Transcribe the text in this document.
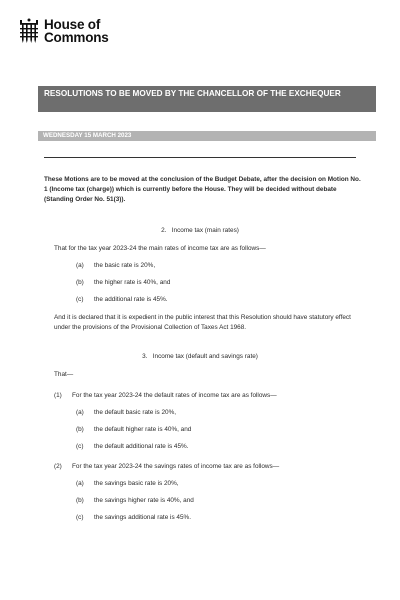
House of
Commons
RESOLUTIONS TO BE MOVED BY THE CHANCELLOR OF THE EXCHEQUER
WEDNESDAY 15 MARCH 2023
These Motions are to be moved at the conclusion of the Budget Debate, after the decision on Motion No. 1 (Income tax (charge)) which is currently before the House. They will be decided without debate (Standing Order No. 51(3)).
2.   Income tax (main rates)
That for the tax year 2023-24 the main rates of income tax are as follows—
(a) the basic rate is 20%,
(b) the higher rate is 40%, and
(c) the additional rate is 45%.
And it is declared that it is expedient in the public interest that this Resolution should have statutory effect under the provisions of the Provisional Collection of Taxes Act 1968.
3.   Income tax (default and savings rate)
That—
(1) For the tax year 2023-24 the default rates of income tax are as follows—
(a) the default basic rate is 20%,
(b) the default higher rate is 40%, and
(c) the default additional rate is 45%.
(2) For the tax year 2023-24 the savings rates of income tax are as follows—
(a) the savings basic rate is 20%,
(b) the savings higher rate is 40%, and
(c) the savings additional rate is 45%.
